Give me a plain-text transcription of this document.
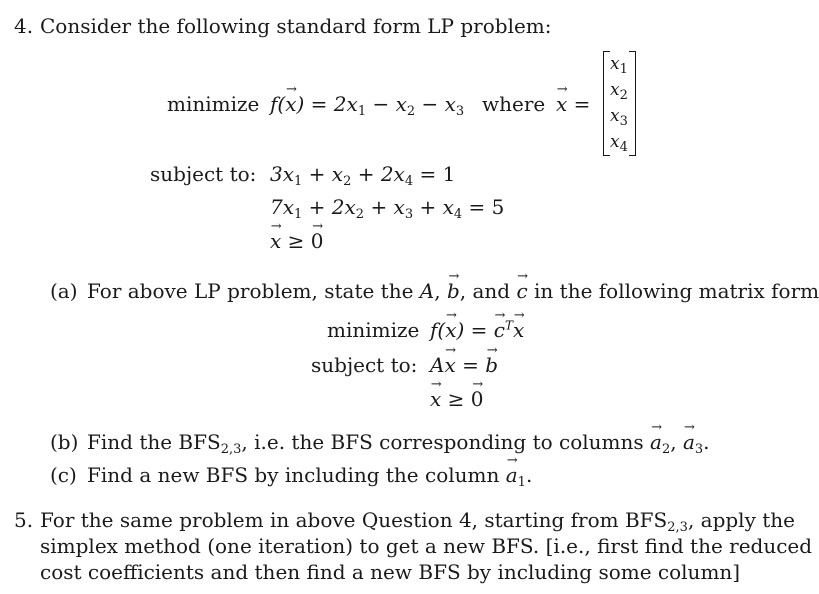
4. Consider the following standard form LP problem:
minimize $f(\to x) = 2x_1 - x_2 - x_3$ where → x =
$x_1$
$x_2$
$x_3$
$x_4$
subject to: $3x_1 + x_2 + 2x_4 = 1$
$7x_1 + 2x_2 + x_3 + x_4 = 5$
→ x ≥ → 0
(a) For above LP problem, state the A, → b, and → c in the following matrix form
minimize f(→ x) = → $c^T\to x$
subject to: A→ x = → b
→ x ≥ → 0
(b) Find the $BFS_{2,3}$, i.e. the BFS corresponding to columns → $a_2$, → $a_3$.
(c) Find a new BFS by including the column → $a_1$.
5. For the same problem in above Question 4, starting from $BFS_{2,3}$, apply the
simplex method (one iteration) to get a new BFS. [i.e., first find the reduced
cost coefficients and then find a new BFS by including some column]
